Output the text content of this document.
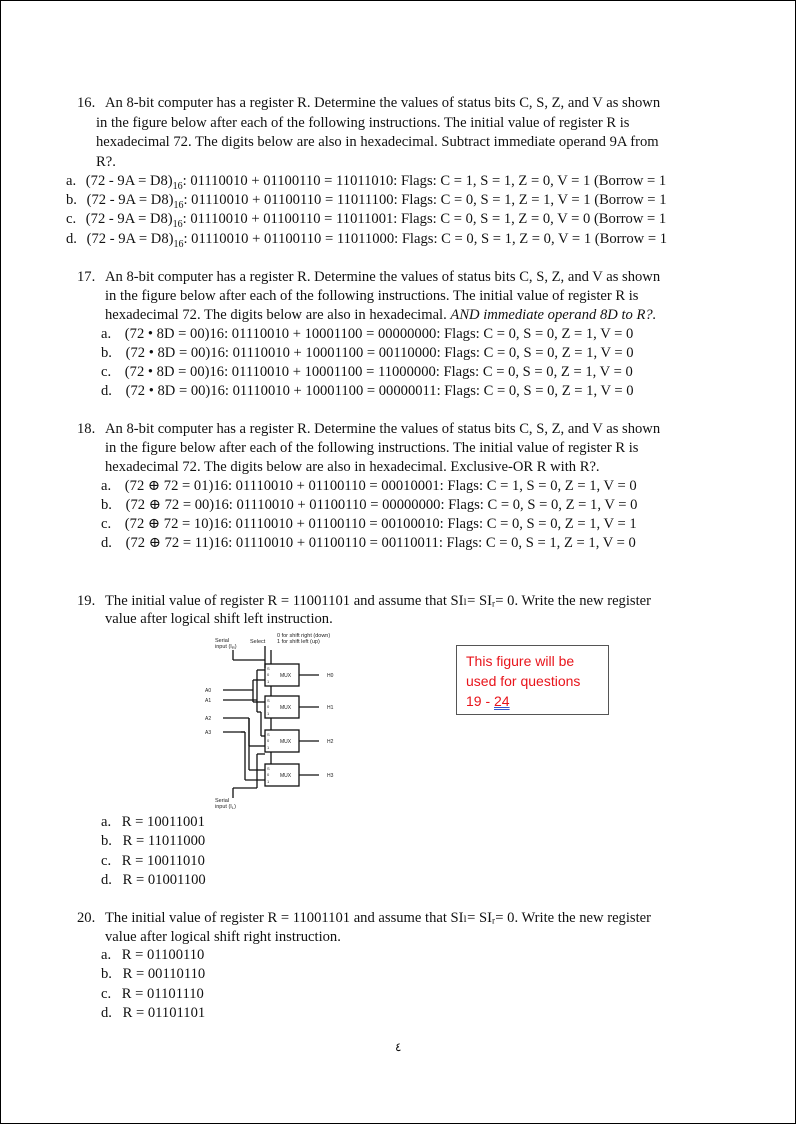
16. An 8-bit computer has a register R. Determine the values of status bits C, S, Z, and V as shown
in the figure below after each of the following instructions. The initial value of register R is
hexadecimal 72. The digits below are also in hexadecimal. Subtract immediate operand 9A from
R?.
a. $(72 - 9A = D8)_{16}$: 01110010 + 01100110 = 11011010: Flags: C = 1, S = 1, Z = 0, V = 1 (Borrow = 1
b. $(72 - 9A = D8)_{16}$: 01110010 + 01100110 = 11011100: Flags: C = 0, S = 1, Z = 1, V = 1 (Borrow = 1
c. $(72 - 9A = D8)_{16}$: 01110010 + 01100110 = 11011001: Flags: C = 0, S = 1, Z = 0, V = 0 (Borrow = 1
d. $(72 - 9A = D8)_{16}$: 01110010 + 01100110 = 11011000: Flags: C = 0, S = 1, Z = 0, V = 1 (Borrow = 1
17. An 8-bit computer has a register R. Determine the values of status bits C, S, Z, and V as shown
in the figure below after each of the following instructions. The initial value of register R is
hexadecimal 72. The digits below are also in hexadecimal. AND immediate operand 8D to R?.
a. (72 • 8D = 00)16: 01110010 + 10001100 = 00000000: Flags: C = 0, S = 0, Z = 1, V = 0
b. (72 • 8D = 00)16: 01110010 + 10001100 = 00110000: Flags: C = 0, S = 0, Z = 1, V = 0
c. (72 • 8D = 00)16: 01110010 + 10001100 = 11000000: Flags: C = 0, S = 0, Z = 1, V = 0
d. (72 • 8D = 00)16: 01110010 + 10001100 = 00000011: Flags: C = 0, S = 0, Z = 1, V = 0
18. An 8-bit computer has a register R. Determine the values of status bits C, S, Z, and V as shown
in the figure below after each of the following instructions. The initial value of register R is
hexadecimal 72. The digits below are also in hexadecimal. Exclusive-OR R with R?.
a. (72 ⊕ 72 = 01)16: 01110010 + 01100110 = 00010001: Flags: C = 1, S = 0, Z = 1, V = 0
b. (72 ⊕ 72 = 00)16: 01110010 + 01100110 = 00000000: Flags: C = 0, S = 0, Z = 1, V = 0
c. (72 ⊕ 72 = 10)16: 01110010 + 01100110 = 00100010: Flags: C = 0, S = 0, Z = 1, V = 1
d. (72 ⊕ 72 = 11)16: 01110010 + 01100110 = 00110011: Flags: C = 0, S = 1, Z = 1, V = 0
19. The initial value of register R = 11001101 and assume that SIₗ= SIᵣ= 0. Write the new register
value after logical shift left instruction.
Serial
input (IR)
Select
0 for shift right (down)
1 for shift left (up)
A0
A1
A2
A3
H0
H1
H2
H3
MUX
MUX
MUX
MUX
S
0
1
S
0
1
S
0
1
S
0
1
Serial
input (IL)
This figure will be
used for questions
19 - 24
a. R = 10011001
b. R = 11011000
c. R = 10011010
d. R = 01001100
20. The initial value of register R = 11001101 and assume that SIₗ= SIᵣ= 0. Write the new register
value after logical shift right instruction.
a. R = 01100110
b. R = 00110110
c. R = 01101110
d. R = 01101101
٤
